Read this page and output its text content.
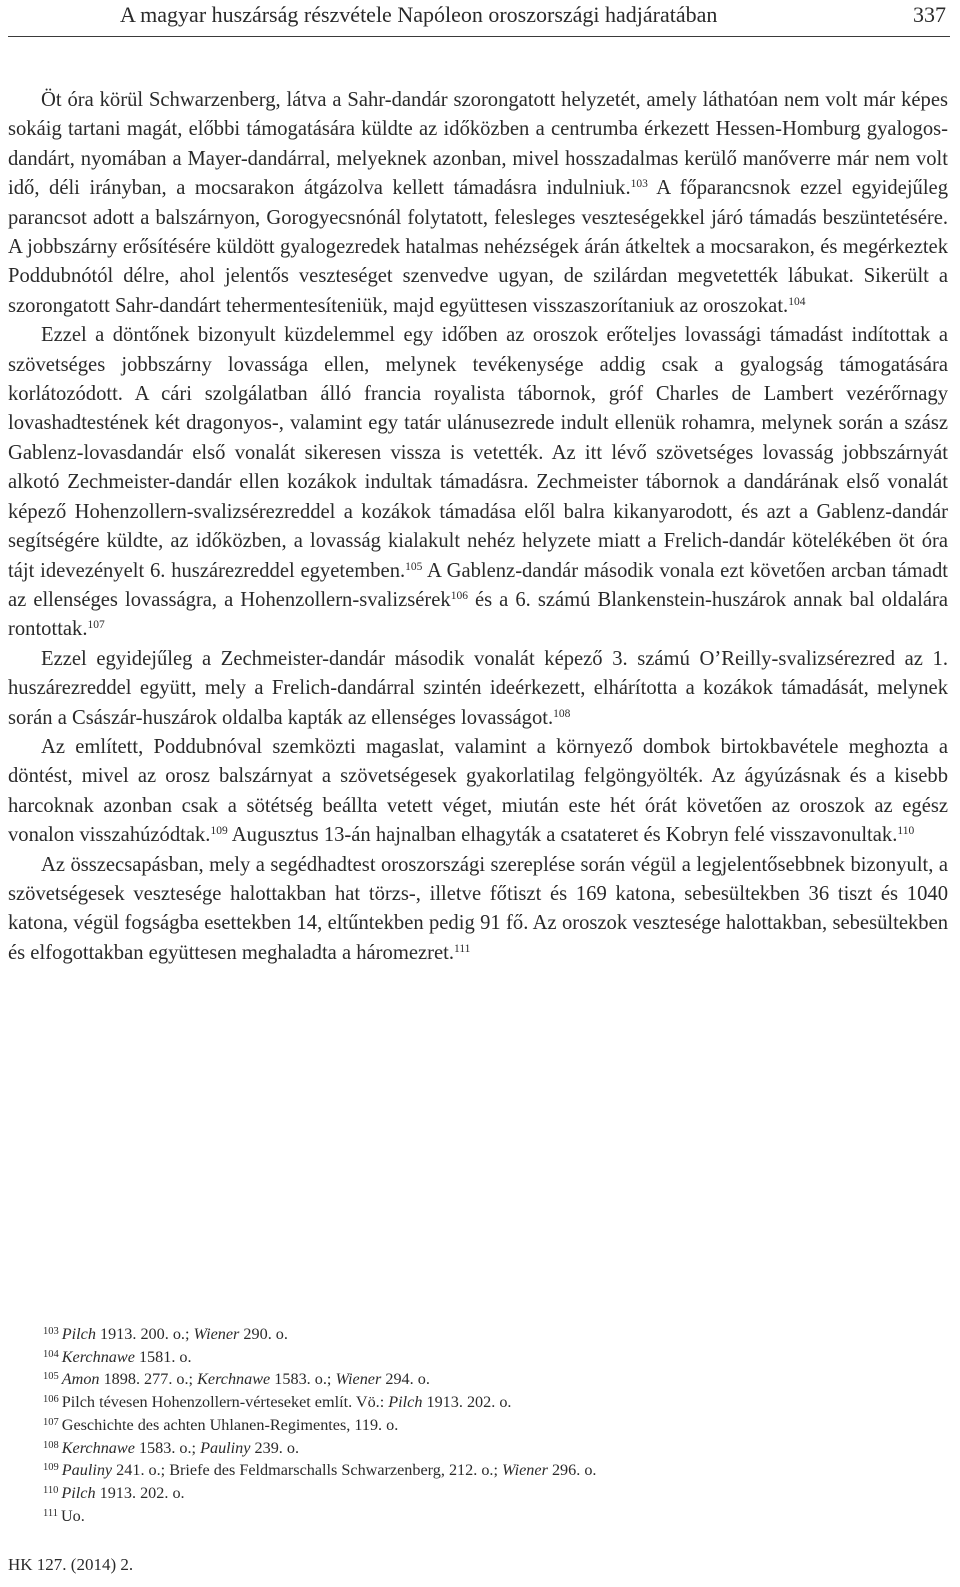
A magyar huszárság részvétele Napóleon oroszországi hadjáratában	337

Öt óra körül Schwarzenberg, látva a Sahr-dandár szorongatott helyzetét, amely láthatóan nem volt már képes sokáig tartani magát, előbbi támogatására küldte az időközben a centrumba érkezett Hessen-Homburg gyalogos-dandárt, nyomában a Mayer-dandárral, melyeknek azonban, mivel hosszadalmas kerülő manőverre már nem volt idő, déli irányban, a mocsarakon átgázolva kellett támadásra indulniuk.$^{103}$ A főparancsnok ezzel egyidejűleg parancsot adott a balszárnyon, Gorogyecsnónál folytatott, felesleges veszteségekkel járó támadás beszüntetésére. A jobbszárny erősítésére küldött gyalogezredek hatalmas nehézségek árán átkeltek a mocsarakon, és megérkeztek Poddubnótól délre, ahol jelentős veszteséget szenvedve ugyan, de szilárdan megvetették lábukat. Sikerült a szorongatott Sahr-dandárt tehermentesíteniük, majd együttesen visszaszorítaniuk az oroszokat.$^{104}$

Ezzel a döntőnek bizonyult küzdelemmel egy időben az oroszok erőteljes lovassági támadást indítottak a szövetséges jobbszárny lovassága ellen, melynek tevékenysége addig csak a gyalogság támogatására korlátozódott. A cári szolgálatban álló francia royalista tábornok, gróf Charles de Lambert vezérőrnagy lovashadtestének két dragonyos-, valamint egy tatár ulánusezrede indult ellenük rohamra, melynek során a szász Gablenz-lovasdandár első vonalát sikeresen vissza is vetették. Az itt lévő szövetséges lovasság jobbszárnyát alkotó Zechmeister-dandár ellen kozákok indultak támadásra. Zechmeister tábornok a dandárának első vonalát képező Hohenzollern-svalizsérezreddel a kozákok támadása elől balra kikanyarodott, és azt a Gablenz-dandár segítségére küldte, az időközben, a lovasság kialakult nehéz helyzete miatt a Frelich-dandár kötelékében öt óra tájt idevezényelt 6. huszárezreddel egyetemben.$^{105}$ A Gablenz-dandár második vonala ezt követően arcban támadt az ellenséges lovasságra, a Hohenzollern-svalizsérek$^{106}$ és a 6. számú Blankenstein-huszárok annak bal oldalára rontottak.$^{107}$

Ezzel egyidejűleg a Zechmeister-dandár második vonalát képező 3. számú O’Reilly-svalizsérezred az 1. huszárezreddel együtt, mely a Frelich-dandárral szintén ideérkezett, elhárította a kozákok támadását, melynek során a Császár-huszárok oldalba kapták az ellenséges lovasságot.$^{108}$

Az említett, Poddubnóval szemközti magaslat, valamint a környező dombok birtokbavétele meghozta a döntést, mivel az orosz balszárnyat a szövetségesek gyakorlatilag felgöngyölték. Az ágyúzásnak és a kisebb harcoknak azonban csak a sötétség beállta vetett véget, miután este hét órát követően az oroszok az egész vonalon visszahúzódtak.$^{109}$ Augusztus 13-án hajnalban elhagyták a csatateret és Kobryn felé visszavonultak.$^{110}$

Az összecsapásban, mely a segédhadtest oroszországi szereplése során végül a legjelentősebbnek bizonyult, a szövetségesek vesztesége halottakban hat törzs-, illetve főtiszt és 169 katona, sebesültekben 36 tiszt és 1040 katona, végül fogságba esettekben 14, eltűntekben pedig 91 fő. Az oroszok vesztesége halottakban, sebesültekben és elfogottakban együttesen meghaladta a háromezret.$^{111}$

$^{103}$ Pilch 1913. 200. o.; Wiener 290. o.
$^{104}$ Kerchnawe 1581. o.
$^{105}$ Amon 1898. 277. o.; Kerchnawe 1583. o.; Wiener 294. o.
$^{106}$ Pilch tévesen Hohenzollern-vérteseket említ. Vö.: Pilch 1913. 202. o.
$^{107}$ Geschichte des achten Uhlanen-Regimentes, 119. o.
$^{108}$ Kerchnawe 1583. o.; Pauliny 239. o.
$^{109}$ Pauliny 241. o.; Briefe des Feldmarschalls Schwarzenberg, 212. o.; Wiener 296. o.
$^{110}$ Pilch 1913. 202. o.
$^{111}$ Uo.
HK 127. (2014) 2.
